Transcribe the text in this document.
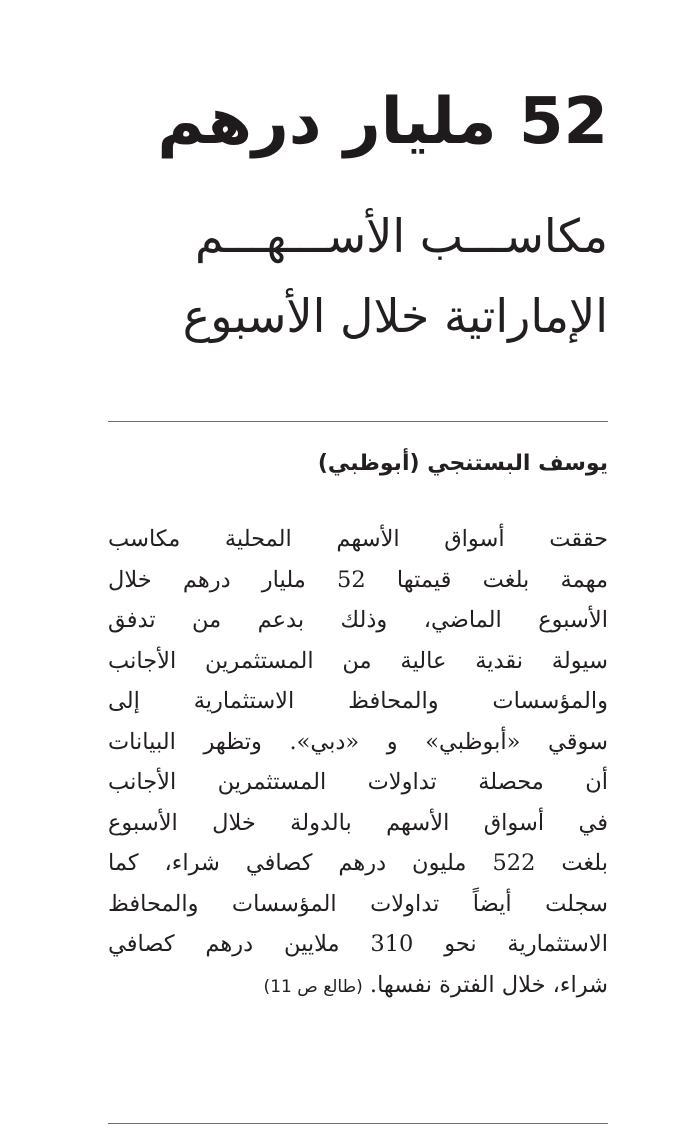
52 مليار درهم
مكاســـب الأســـهـــم
الإماراتية خلال الأسبوع
يوسف البستنجي (أبوظبي)
حققت أسواق الأسهم المحلية مكاسب
مهمة بلغت قيمتها 52 مليار درهم خلال
الأسبوع الماضي، وذلك بدعم من تدفق
سيولة نقدية عالية من المستثمرين الأجانب
والمؤسسات والمحافظ الاستثمارية إلى
سوقي «أبوظبي» و «دبي». وتظهر البيانات
أن محصلة تداولات المستثمرين الأجانب
في أسواق الأسهم بالدولة خلال الأسبوع
بلغت 522 مليون درهم كصافي شراء، كما
سجلت أيضاً تداولات المؤسسات والمحافظ
الاستثمارية نحو 310 ملايين درهم كصافي
شراء، خلال الفترة نفسها. (طالع ص 11)
